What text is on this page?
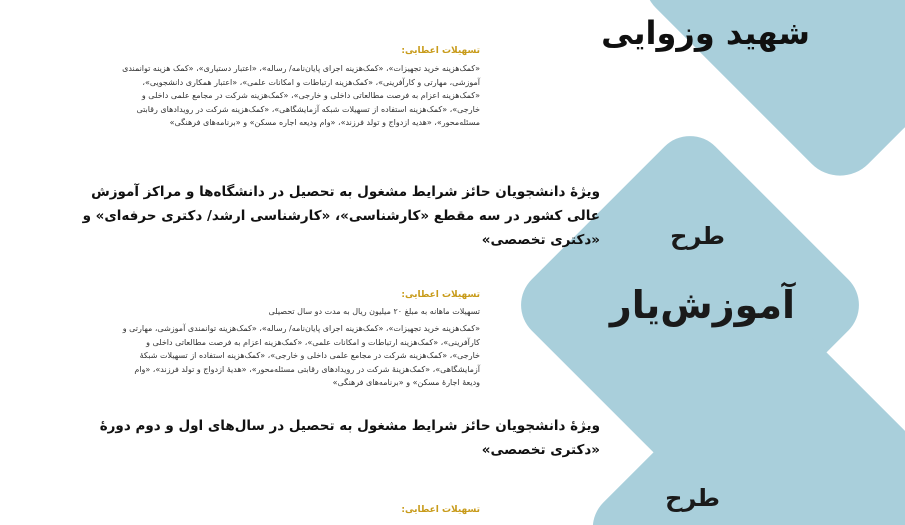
شهید وزوایی
طرح
آموزش‌یار
طرح
تسهیلات اعطایی:
«کمک‌هزینه خرید تجهیزات»، «کمک‌هزینه اجرای پایان‌نامه/ رساله»، «اعتبار دستیاری»، «کمک هزینه توانمندی آموزشی، مهارتی و کارآفرینی»، «کمک‌هزینه ارتباطات و امکانات علمی»، «اعتبار همکاری دانشجویی»، «کمک‌هزینه اعزام به فرصت مطالعاتی داخلی و خارجی»، «کمک‌هزینه شرکت در مجامع علمی داخلی و خارجی»، «کمک‌هزینه استفاده از تسهیلات شبکه آزمایشگاهی»، «کمک‌هزینه شرکت در رویدادهای رقابتی مسئله‌محور»، «هدیه ازدواج و تولد فرزند»، «وام ودیعه اجاره مسکن» و «برنامه‌های فرهنگی»
ویژۀ دانشجویان حائز شرایط مشغول به تحصیل در دانشگاه‌ها و مراکز آموزش عالی کشور در سه مقطع «کارشناسی»، «کارشناسی ارشد/ دکتری حرفه‌ای» و «دکتری تخصصی»
تسهیلات اعطایی:
تسهیلات ماهانه به مبلغ ۲۰ میلیون ریال به مدت دو سال تحصیلی
«کمک‌هزینه خرید تجهیزات»، «کمک‌هزینه اجرای پایان‌نامه/ رساله»، «کمک‌هزینه توانمندی آموزشی، مهارتی و کارآفرینی»، «کمک‌هزینه ارتباطات و امکانات علمی»، «کمک‌هزینه اعزام به فرصت مطالعاتی داخلی و خارجی»، «کمک‌هزینه شرکت در مجامع علمی داخلی و خارجی»، «کمک‌هزینه استفاده از تسهیلات شبکۀ آزمایشگاهی»، «کمک‌هزینۀ شرکت در رویدادهای رقابتی مسئله‌محور»، «هدیۀ ازدواج و تولد فرزند»، «وام ودیعۀ اجارۀ مسکن» و «برنامه‌های فرهنگی»
ویژۀ دانشجویان حائز شرایط مشغول به تحصیل در سال‌های اول و دوم دورۀ «دکتری تخصصی»
تسهیلات اعطایی:
